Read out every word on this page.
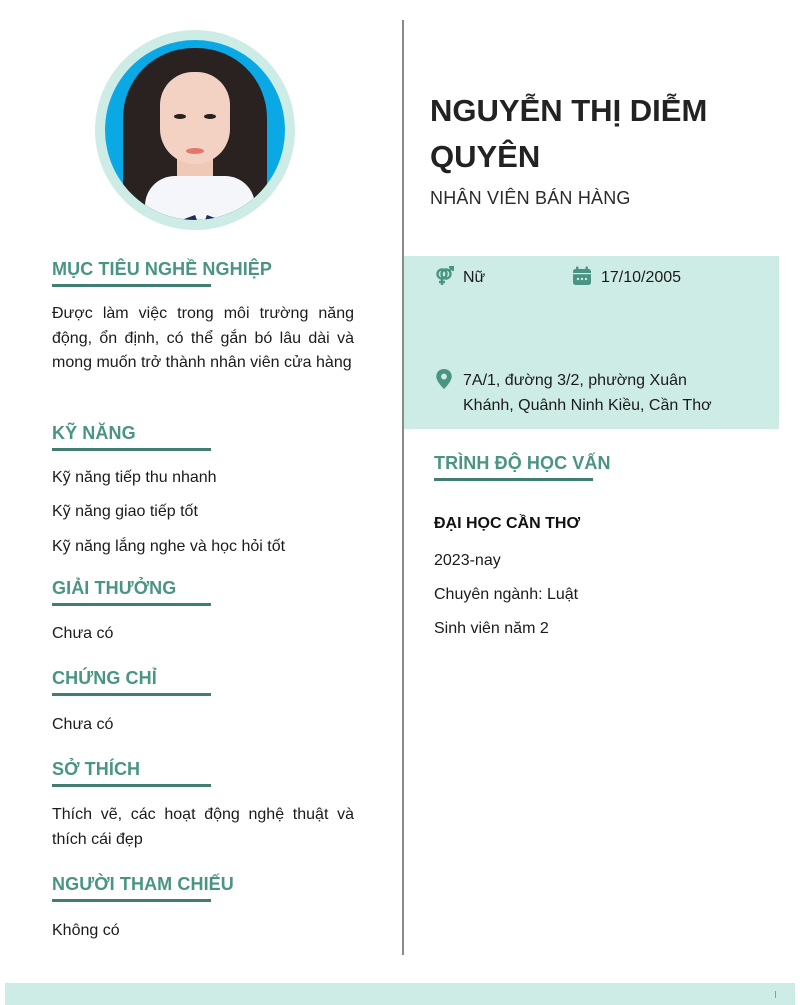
MỤC TIÊU NGHỀ NGHIỆP
Được làm việc trong môi trường năng động, ổn định, có thể gắn bó lâu dài và mong muốn trở thành nhân viên cửa hàng
KỸ NĂNG
Kỹ năng tiếp thu nhanh
Kỹ năng giao tiếp tốt
Kỹ năng lắng nghe và học hỏi tốt
GIẢI THƯỞNG
Chưa có
CHỨNG CHỈ
Chưa có
SỞ THÍCH
Thích vẽ, các hoạt động nghệ thuật và thích cái đẹp
NGƯỜI THAM CHIẾU
Không có
NGUYỄN THỊ DIỄM QUYÊN
NHÂN VIÊN BÁN HÀNG
Nữ	17/10/2005
7A/1, đường 3/2, phường Xuân Khánh, Quânh Ninh Kiều, Cần Thơ
TRÌNH ĐỘ HỌC VẤN
ĐẠI HỌC CẦN THƠ
2023-nay
Chuyên ngành: Luật
Sinh viên năm 2
